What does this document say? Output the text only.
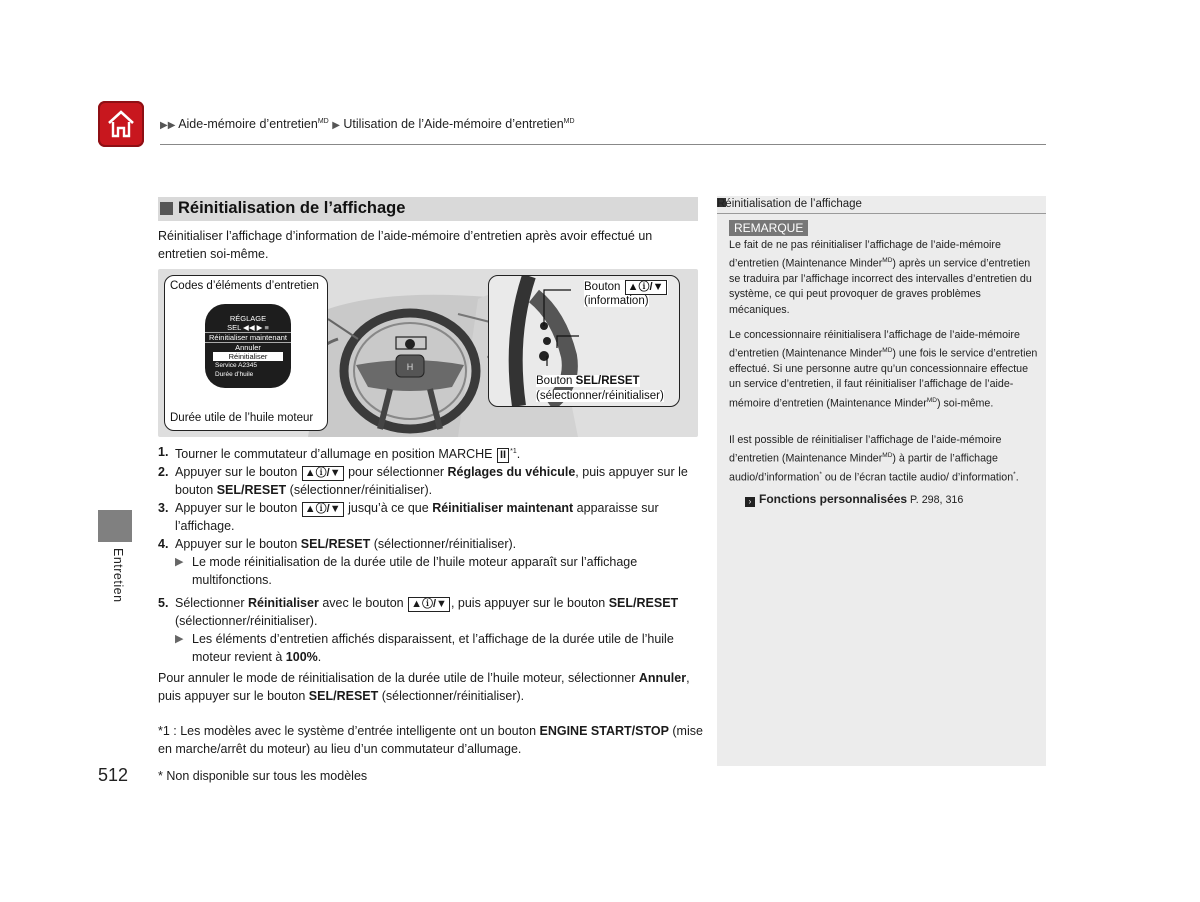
▶▶ Aide-mémoire d’entretien$^{MD}$ ▶ Utilisation de l’Aide-mémoire d’entretien$^{MD}$
Réinitialisation de l’affichage
Réinitialiser l’affichage d’information de l’aide-mémoire d’entretien après avoir effectué un entretien soi-même.
H
RÉGLAGE
SEL ◀◀ ▶ ≡
Réinitialiser maintenant
Annuler
Réinitialiser
Service A2345
Durée d’huile
Codes d’éléments d’entretien
Durée utile de l’huile moteur
Bouton ▲ⓘ/▼
(information)
Bouton SEL/RESET
(sélectionner/réinitialiser)
1. Tourner le commutateur d’allumage en position MARCHE II $^{*1}$.
2. Appuyer sur le bouton ▲ⓘ/▼ pour sélectionner Réglages du véhicule, puis appuyer sur le bouton SEL/RESET (sélectionner/réinitialiser).
3. Appuyer sur le bouton ▲ⓘ/▼ jusqu’à ce que Réinitialiser maintenant apparaisse sur l’affichage.
4. Appuyer sur le bouton SEL/RESET (sélectionner/réinitialiser).
▶ Le mode réinitialisation de la durée utile de l’huile moteur apparaît sur l’affichage multifonctions.
5. Sélectionner Réinitialiser avec le bouton ▲ⓘ/▼ , puis appuyer sur le bouton SEL/RESET (sélectionner/réinitialiser).
▶ Les éléments d’entretien affichés disparaissent, et l’affichage de la durée utile de l’huile moteur revient à 100%.
Pour annuler le mode de réinitialisation de la durée utile de l’huile moteur, sélectionner Annuler, puis appuyer sur le bouton SEL/RESET (sélectionner/réinitialiser).
*1 : Les modèles avec le système d’entrée intelligente ont un bouton ENGINE START/STOP (mise en marche/arrêt du moteur) au lieu d’un commutateur d’allumage.
* Non disponible sur tous les modèles
512
Entretien
Réinitialisation de l’affichage
REMARQUE
Le fait de ne pas réinitialiser l’affichage de l’aide-mémoire d’entretien (Maintenance Minder$^{MD}$) après un service d’entretien se traduira par l’affichage incorrect des intervalles d’entretien du système, ce qui peut provoquer de graves problèmes mécaniques.
Le concessionnaire réinitialisera l’affichage de l’aide-mémoire d’entretien (Maintenance Minder$^{MD}$) une fois le service d’entretien effectué. Si une personne autre qu’un concessionnaire effectue un service d’entretien, il faut réinitialiser l’affichage de l’aide-mémoire d’entretien (Maintenance Minder$^{MD}$) soi-même.
Il est possible de réinitialiser l’affichage de l’aide-mémoire d’entretien (Maintenance Minder$^{MD}$) à partir de l’affichage audio/d’information* ou de l’écran tactile audio/ d’information*.
› Fonctions personnalisées P. 298, 316
